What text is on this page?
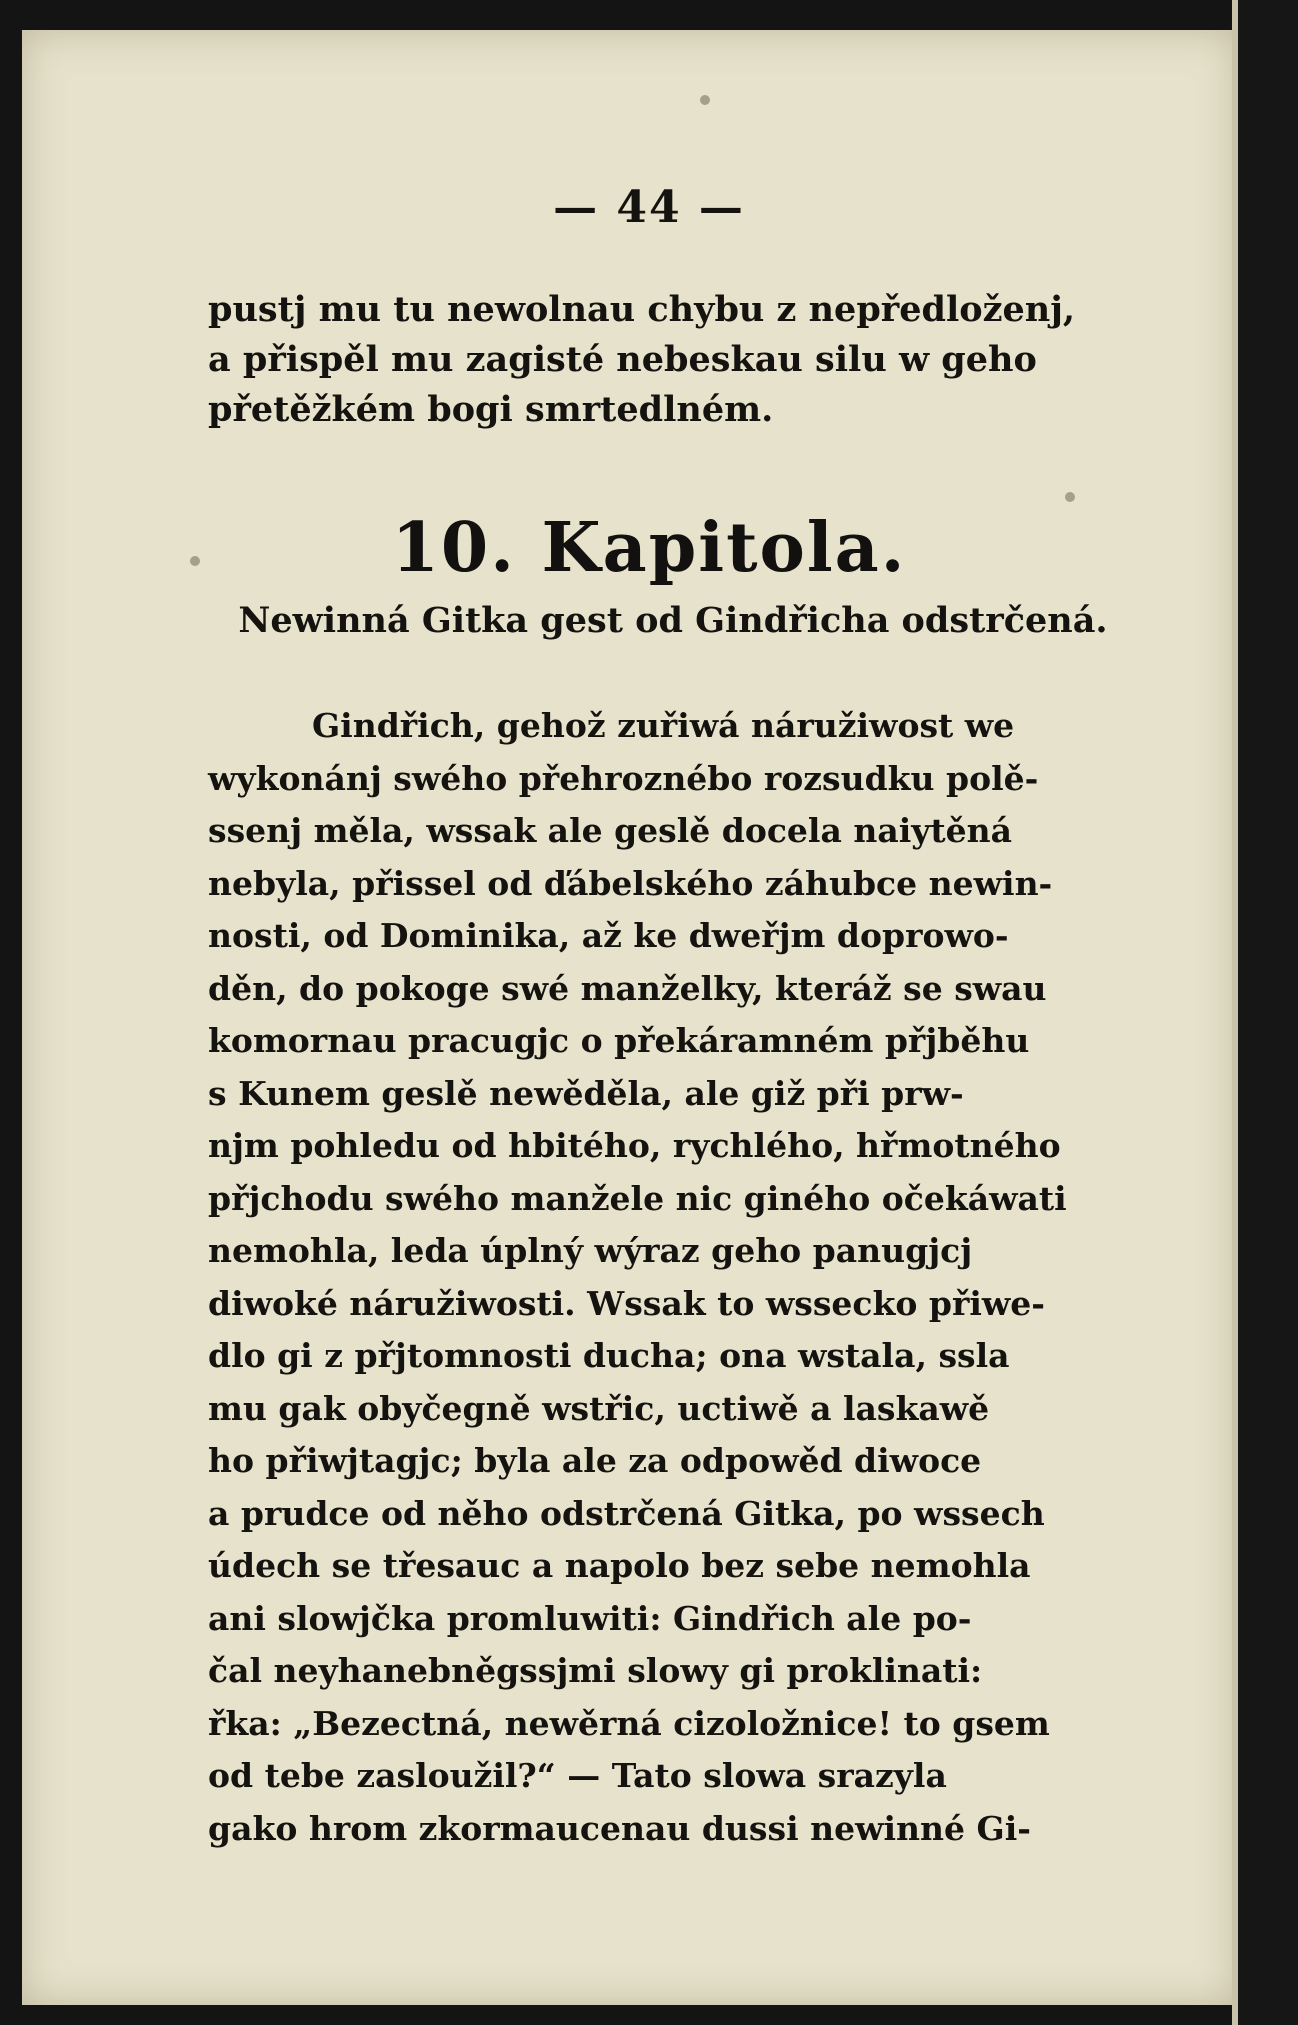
— 44 —
pustj mu tu newolnau chybu z nepředloženj,
a přispěl mu zagisté nebeskau silu w geho
přetěžkém bogi smrtedlném.
10. Kapitola.
Newinná Gitka gest od Gindřicha odstrčená.
Gindřich, gehož zuřiwá náružiwost we
wykonánj swého přehroznébo rozsudku polě-
ssenj měla, wssak ale geslě docela naiytěná
nebyla, přissel od ďábelského záhubce newin-
nosti, od Dominika, až ke dweřjm doprowo-
děn, do pokoge swé manželky, kteráž se swau
komornau pracugjc o překáramném přjběhu
s Kunem geslě newěděla, ale giž při prw-
njm pohledu od hbitého, rychlého, hřmotného
přjchodu swého manžele nic giného očekáwati
nemohla, leda úplný wýraz geho panugjcj
diwoké náružiwosti. Wssak to wssecko přiwe-
dlo gi z přjtomnosti ducha; ona wstala, ssla
mu gak obyčegně wstřic, uctiwě a laskawě
ho přiwjtagjc; byla ale za odpowěd diwoce
a prudce od něho odstrčená Gitka, po wssech
údech se třesauc a napolo bez sebe nemohla
ani slowjčka promluwiti: Gindřich ale po-
čal neyhanebněgssjmi slowy gi proklinati:
řka: „Bezectná, newěrná cizoložnice! to gsem
od tebe zasloužil?“ — Tato slowa srazyla
gako hrom zkormaucenau dussi newinné Gi-
